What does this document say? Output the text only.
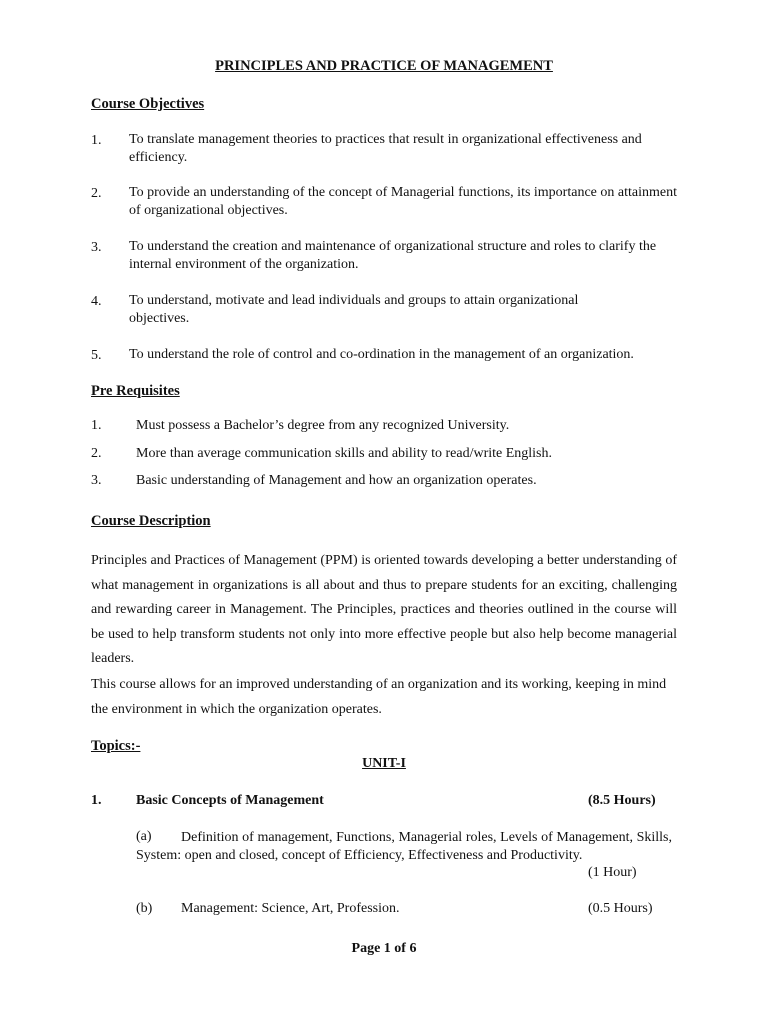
PRINCIPLES AND PRACTICE OF MANAGEMENT
Course Objectives
1. To translate management theories to practices that result in organizational effectiveness and efficiency.
2. To provide an understanding of the concept of Managerial functions, its importance on attainment of organizational objectives.
3. To understand the creation and maintenance of organizational structure and roles to clarify the internal environment of the organization.
4. To understand, motivate and lead individuals and groups to attain organizational objectives.
5. To understand the role of control and co-ordination in the management of an organization.
Pre Requisites
1. Must possess a Bachelor’s degree from any recognized University.
2. More than average communication skills and ability to read/write English.
3. Basic understanding of Management and how an organization operates.
Course Description
Principles and Practices of Management (PPM) is oriented towards developing a better understanding of what management in organizations is all about and thus to prepare students for an exciting, challenging and rewarding career in Management. The Principles, practices and theories outlined in the course will be used to help transform students not only into more effective people but also help become managerial leaders.
This course allows for an improved understanding of an organization and its working, keeping in mind the environment in which the organization operates.
Topics:-
UNIT-I
1. Basic Concepts of Management	(8.5 Hours)
(a)	Definition of management, Functions, Managerial roles, Levels of Management, Skills, System: open and closed, concept of Efficiency, Effectiveness and Productivity.
(1 Hour)
(b) Management: Science, Art, Profession.	(0.5 Hours)
Page 1 of 6
